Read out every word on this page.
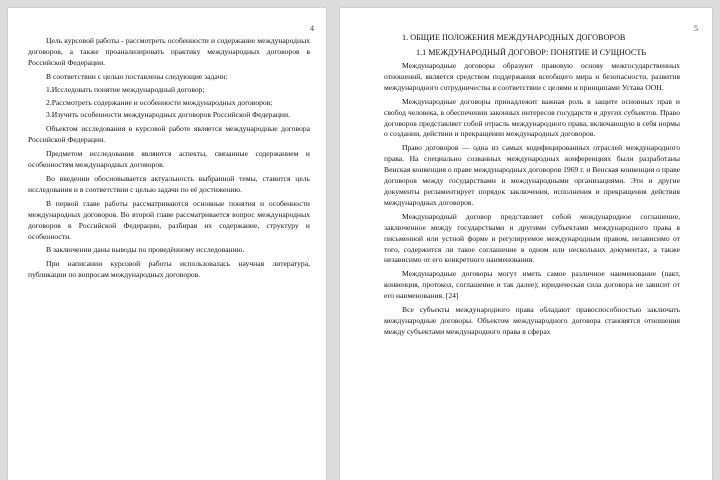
4

Цель курсовой работы - рассмотреть особенности и содержание международных договоров, а также проанализировать практику международных договоров в Российской Федерации.

В соответствии с целью поставлены следующие задачи:

1.Исследовать понятие международный договор;

2.Рассмотреть содержание и особенности международных договоров;

3.Изучить особенности международных договоров Российской Федерации.

Объектом исследования в курсовой работе является международные договора Российской Федерации.

Предметом исследования являются аспекты, связанные содержанием и особенностям международных договоров.

Во введении обосновывается актуальность выбранной темы, ставится цель исследования и в соответствии с целью задачи по её достижению.

В первой главе работы рассматриваются основные понятия и особенности международных договоров. Во второй главе рассматривается вопрос международных договоров в Российской Федерации, разбирая их содержание, структуру и особенности.

В заключении даны выводы по проведённому исследованию.

При написании курсовой работы использовалась научная литература, публикации по вопросам международных договоров.

5

1. ОБЩИЕ ПОЛОЖЕНИЯ МЕЖДУНАРОДНЫХ ДОГОВОРОВ

1.1 МЕЖДУНАРОДНЫЙ ДОГОВОР: ПОНЯТИЕ И СУЩНОСТЬ

Международные договоры образуют правовую основу межгосударственных отношений, является средством поддержания всеобщего мира и безопасности, развития международного сотрудничества в соответствии с целями и принципами Устава ООН.

Международные договоры принадлежит важная роль в защите основных прав и свобод человека, в обеспечении законных интересов государств и других субъектов. Право договоров представляет собой отрасль международного права, включающую в себя нормы о создании, действии и прекращении международных договоров.

Право договоров — одна из самых кодифицированных отраслей международного права. На специально созванных международных конференциях были разработаны Венская конвенция о праве международных договоров 1969 г. и Венская конвенция о праве договоров между государствами и международными организациями. Эти и другие документы регламентирует порядок заключения, исполнения и прекращения действия международных договоров.

Международный договор представляет собой международное соглашение, заключенное между государствами и другими субъектами международного права в письменной или устной форме и регулируемое международным правом, независимо от того, содержится ли такое соглашение в одном или нескольких документах, а также независимо от его конкретного наименования.

Международные договоры могут иметь самое различное наименование (пакт, конвенция, протокол, соглашение и так далее); юридическая сила договора не зависит от его наименования. [24]

Все субъекты международного права обладают правоспособностью заключать международные договоры. Объектом международного договора становятся отношения между субъектами международного права в сферах
